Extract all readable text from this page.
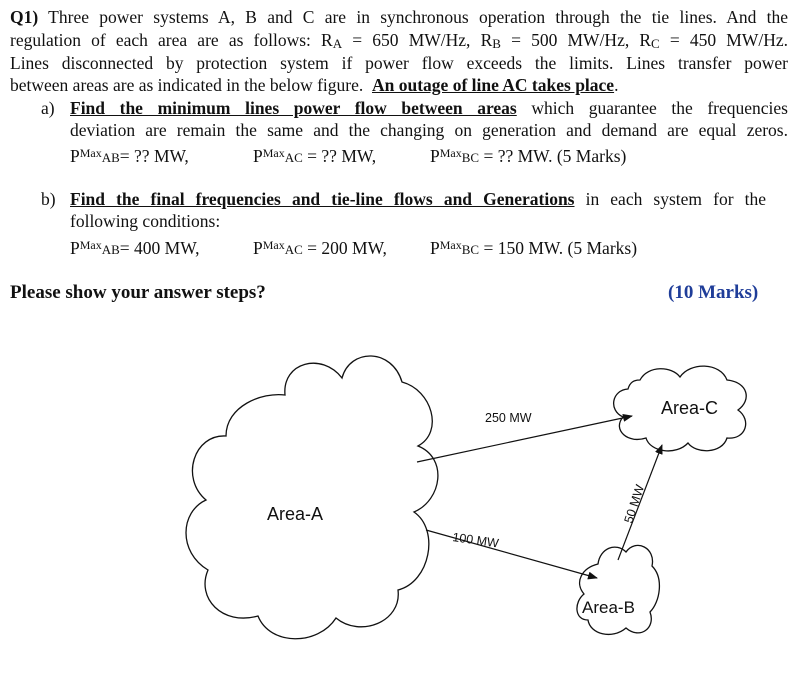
Q1) Three power systems A, B and C are in synchronous operation through the tie lines. And the
regulation of each area are as follows: RA = 650 MW/Hz, RB = 500 MW/Hz, RC = 450 MW/Hz.
Lines disconnected by protection system if power flow exceeds the limits. Lines transfer power
between areas are as indicated in the below figure. An outage of line AC takes place.
a) Find the minimum lines power flow between areas which guarantee the frequencies
deviation are remain the same and the changing on generation and demand are equal zeros.
$P^{Max}AB=$ ?? MW,	$P^{Max}AC$ = ?? MW,	$P^{Max}BC$ = ?? MW. (5 Marks)
b) Find the final frequencies and tie-line flows and Generations in each system for the
following conditions:
$P^{Max}AB= 400$ MW,	$P^{Max}AC = 200$ MW, $P^{Max}BC = 150$ MW. (5 Marks)
Please show your answer steps?	(10 Marks)
Area-A
Area-C
Area-B
250 MW
100 MW
50 MW
